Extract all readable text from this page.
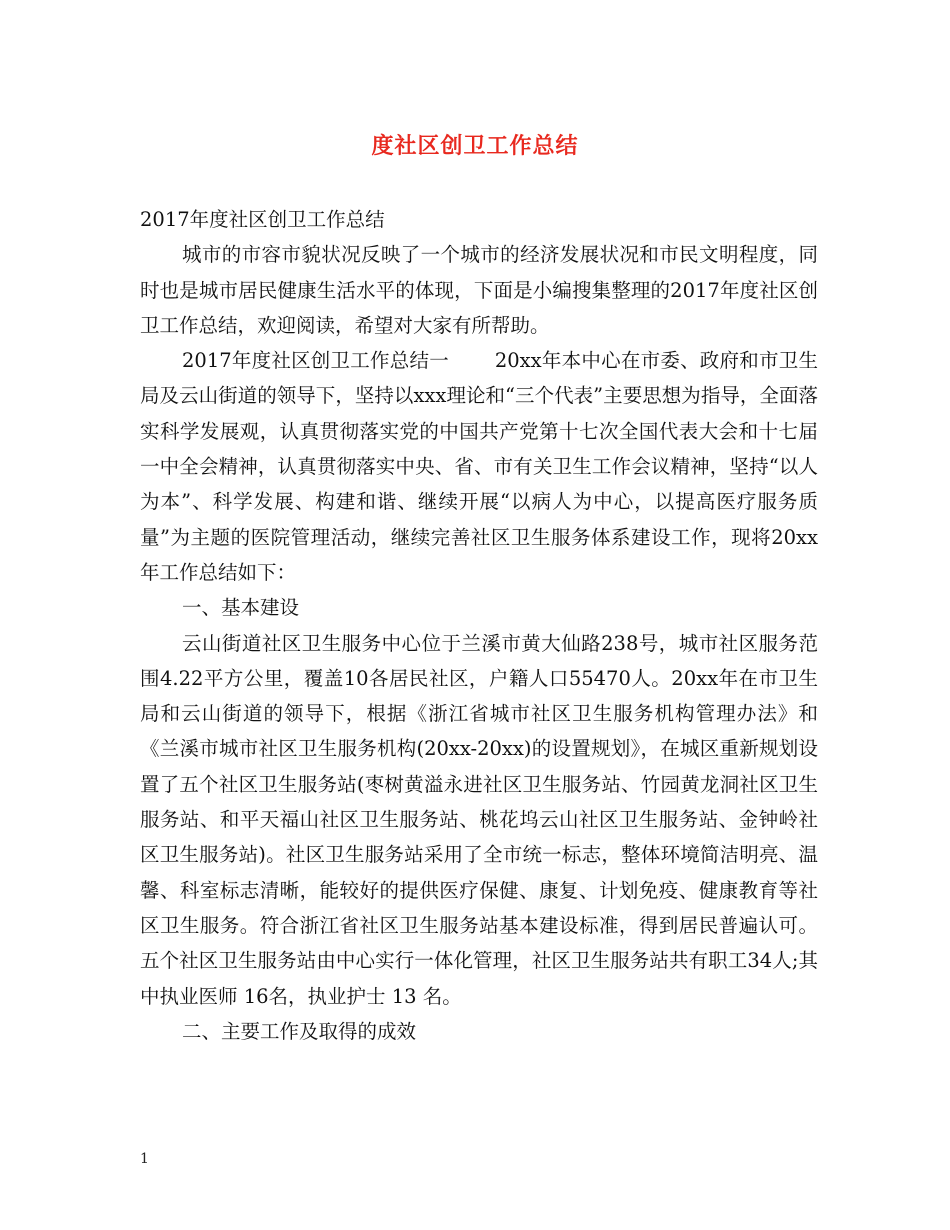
度社区创卫工作总结

2017年度社区创卫工作总结

城市的市容市貌状况反映了一个城市的经济发展状况和市民文明程度，同时也是城市居民健康生活水平的体现，下面是小编搜集整理的2017年度社区创卫工作总结，欢迎阅读，希望对大家有所帮助。

2017年度社区创卫工作总结一　　 20xx年本中心在市委、政府和市卫生局及云山街道的领导下，坚持以xxx理论和“三个代表”主要思想为指导，全面落实科学发展观，认真贯彻落实党的中国共产党第十七次全国代表大会和十七届一中全会精神，认真贯彻落实中央、省、市有关卫生工作会议精神，坚持“以人为本”、科学发展、构建和谐、继续开展“以病人为中心，以提高医疗服务质量”为主题的医院管理活动，继续完善社区卫生服务体系建设工作，现将20xx年工作总结如下：

一、基本建设

云山街道社区卫生服务中心位于兰溪市黄大仙路238号，城市社区服务范围4.22平方公里，覆盖10各居民社区，户籍人口55470人。20xx年在市卫生局和云山街道的领导下，根据《浙江省城市社区卫生服务机构管理办法》和《兰溪市城市社区卫生服务机构(20xx-20xx)的设置规划》，在城区重新规划设置了五个社区卫生服务站(枣树黄溢永进社区卫生服务站、竹园黄龙洞社区卫生服务站、和平天福山社区卫生服务站、桃花坞云山社区卫生服务站、金钟岭社区卫生服务站)。社区卫生服务站采用了全市统一标志，整体环境简洁明亮、温馨、科室标志清晰，能较好的提供医疗保健、康复、计划免疫、健康教育等社区卫生服务。符合浙江省社区卫生服务站基本建设标准，得到居民普遍认可。五个社区卫生服务站由中心实行一体化管理，社区卫生服务站共有职工34人;其中执业医师 16名，执业护士 13 名。

二、主要工作及取得的成效

1
